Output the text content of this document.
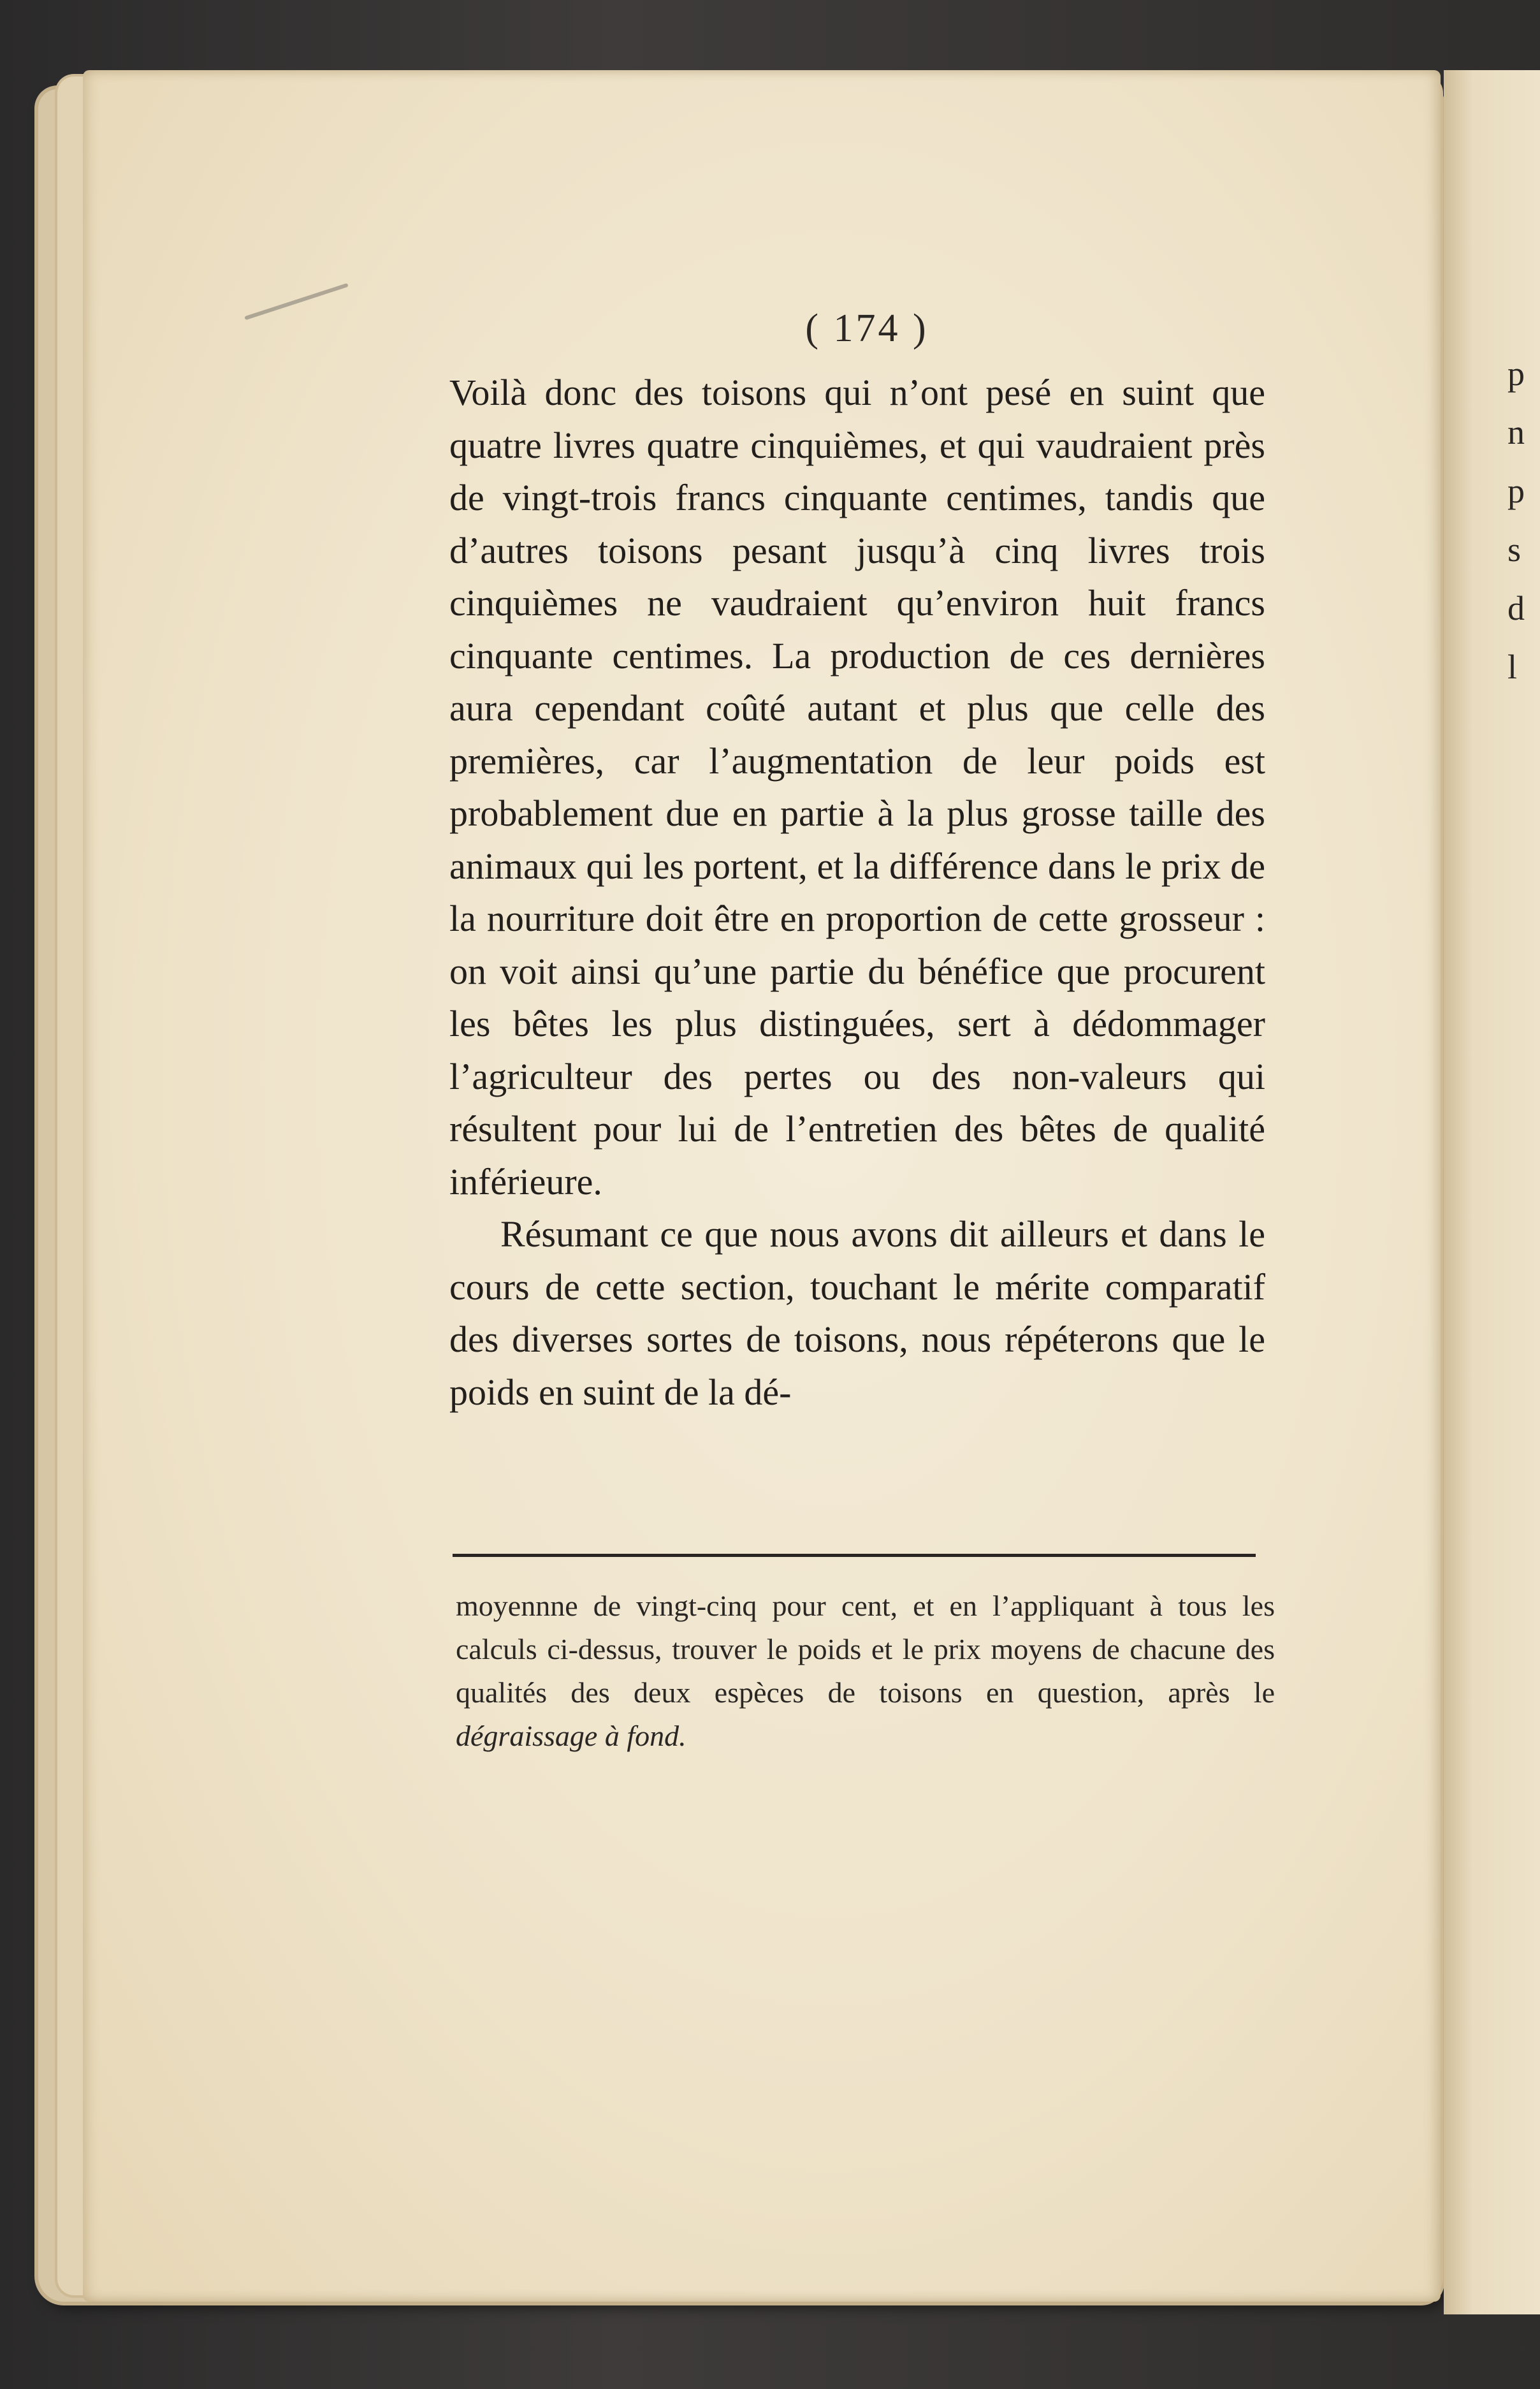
p
n
p
s
d
l
( 174 )

Voilà donc des toisons qui n’ont pesé en suint que quatre livres quatre cinquièmes, et qui vaudraient près de vingt-trois francs cinquante centimes, tandis que d’autres toisons pesant jusqu’à cinq livres trois cinquièmes ne vaudraient qu’environ huit francs cinquante centimes. La production de ces dernières aura cependant coûté autant et plus que celle des premières, car l’augmentation de leur poids est probablement due en partie à la plus grosse taille des animaux qui les portent, et la différence dans le prix de la nourriture doit être en proportion de cette grosseur : on voit ainsi qu’une partie du bénéfice que procurent les bêtes les plus distinguées, sert à dédommager l’agriculteur des pertes ou des non-valeurs qui résultent pour lui de l’entretien des bêtes de qualité inférieure.

Résumant ce que nous avons dit ailleurs et dans le cours de cette section, touchant le mérite comparatif des diverses sortes de toisons, nous répéterons que le poids en suint de la dé-

moyennne de vingt-cinq pour cent, et en l’appliquant à tous les calculs ci-dessus, trouver le poids et le prix moyens de chacune des qualités des deux espèces de toisons en question, après le dégraissage à fond.
